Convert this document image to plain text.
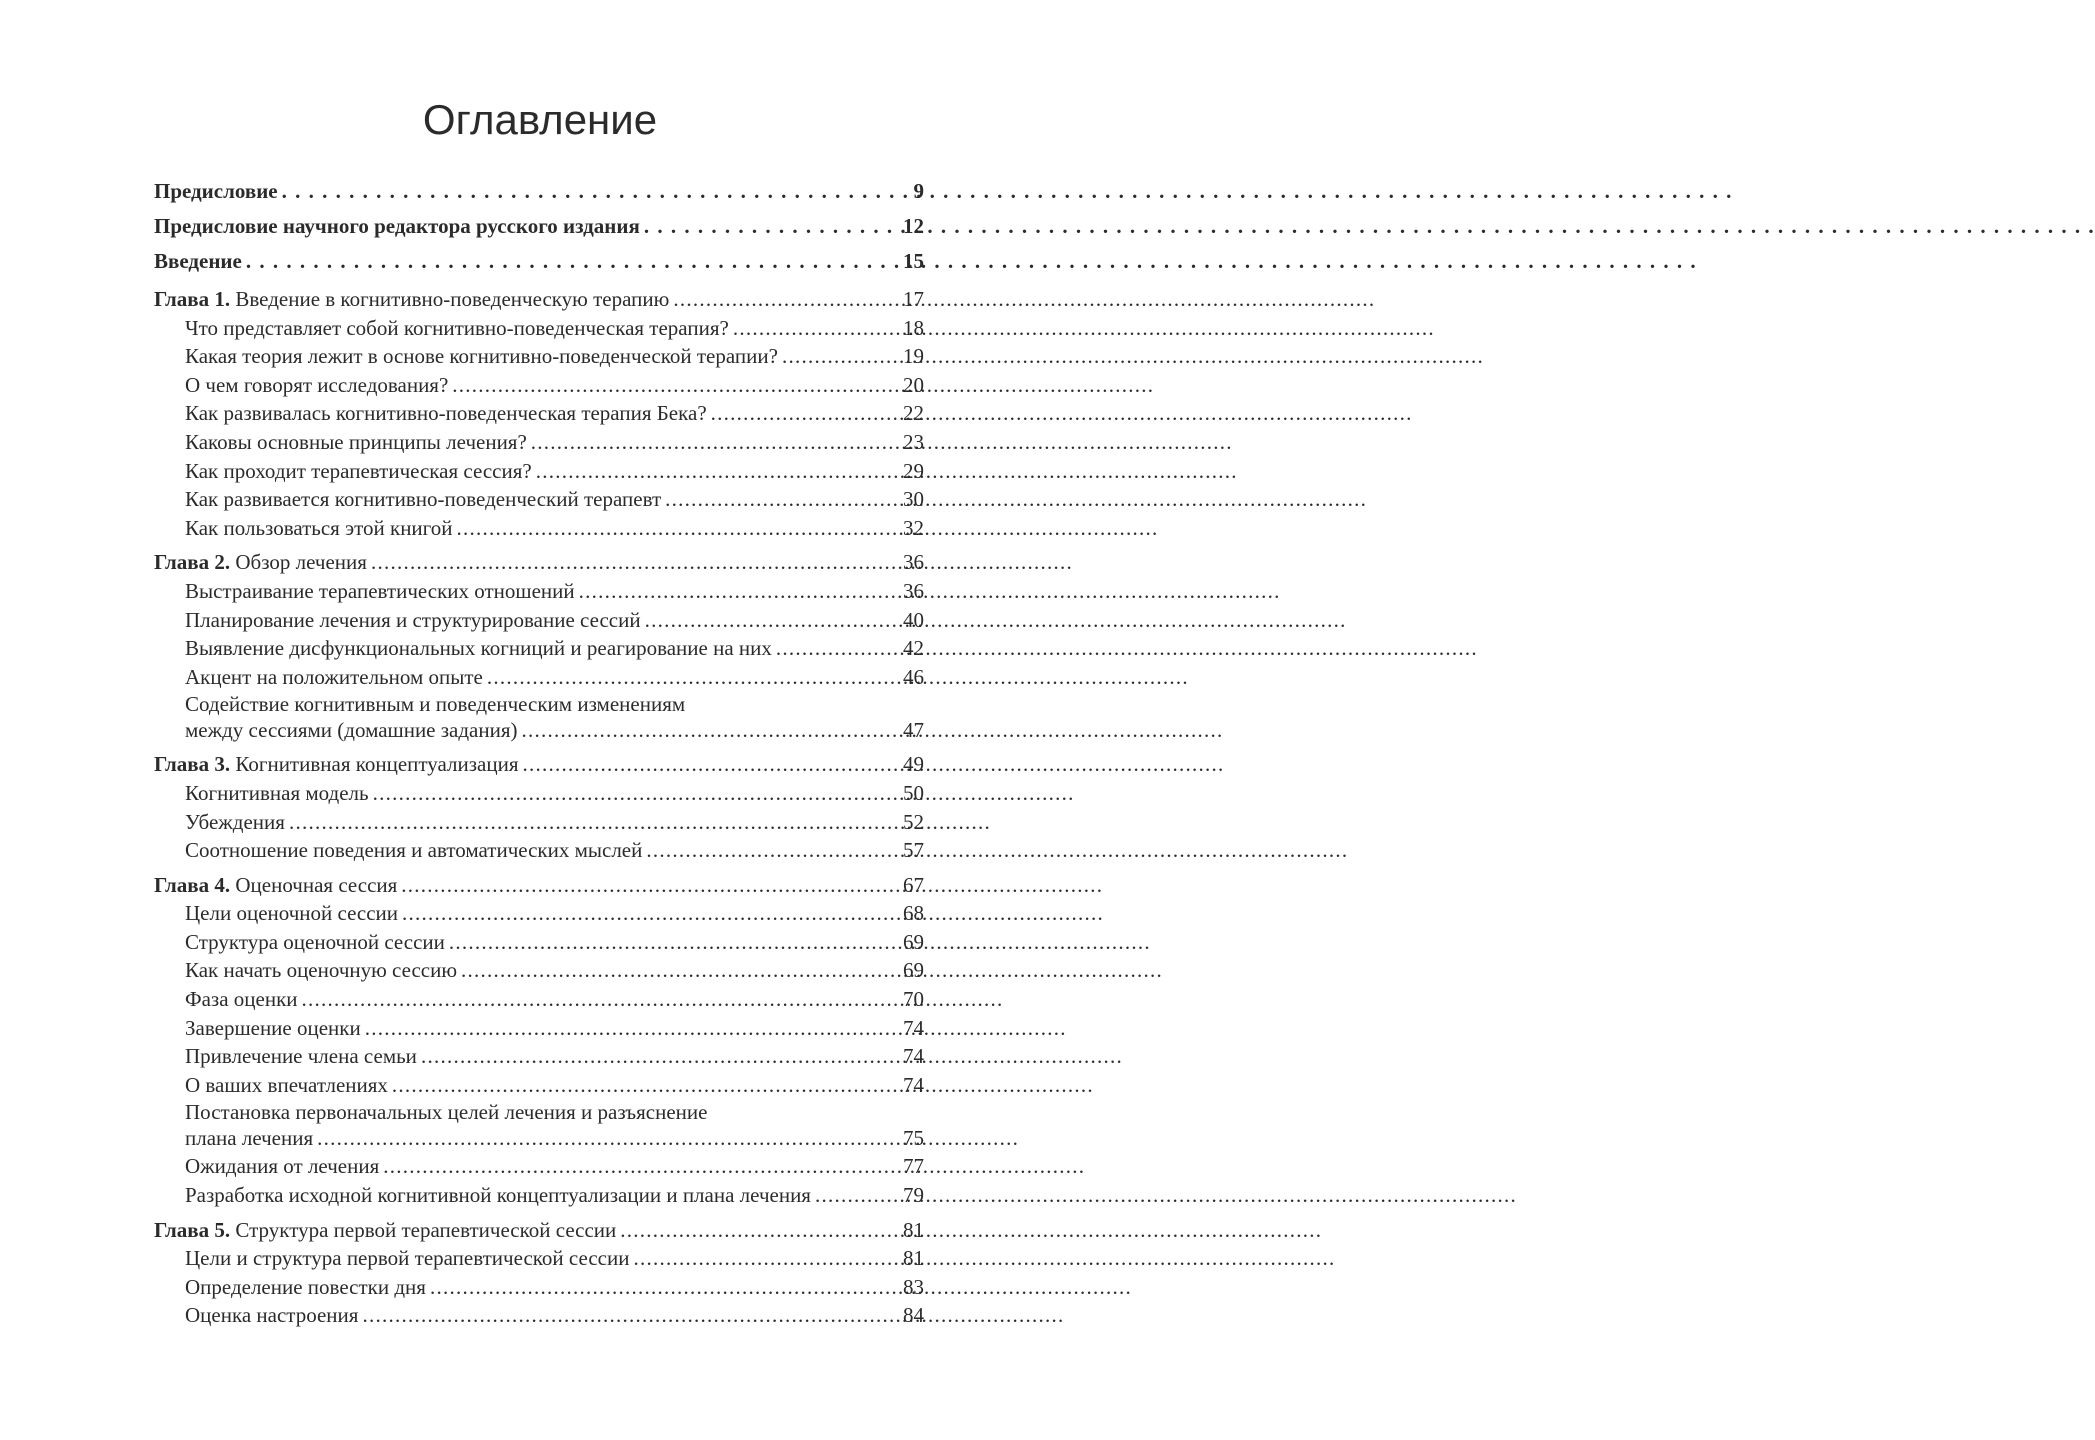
Оглавление
Предисловие . . .	9
Предисловие научного редактора русского издания . . .	12
Введение . . .	15
Глава 1. Введение в когнитивно-поведенческую терапию . . .	17
Что представляет собой когнитивно-поведенческая терапия? . . .	18
Какая теория лежит в основе когнитивно-поведенческой терапии? . . .	19
О чем говорят исследования? . . .	20
Как развивалась когнитивно-поведенческая терапия Бека? . . .	22
Каковы основные принципы лечения? . . .	23
Как проходит терапевтическая сессия? . . .	29
Как развивается когнитивно-поведенческий терапевт . . .	30
Как пользоваться этой книгой . . .	32
Глава 2. Обзор лечения . . .	36
Выстраивание терапевтических отношений . . .	36
Планирование лечения и структурирование сессий . . .	40
Выявление дисфункциональных когниций и реагирование на них . . .	42
Акцент на положительном опыте . . .	46
Содействие когнитивным и поведенческим изменениям
между сессиями (домашние задания) . . .	47
Глава 3. Когнитивная концептуализация . . .	49
Когнитивная модель . . .	50
Убеждения . . .	52
Соотношение поведения и автоматических мыслей . . .	57
Глава 4. Оценочная сессия . . .	67
Цели оценочной сессии . . .	68
Структура оценочной сессии . . .	69
Как начать оценочную сессию . . .	69
Фаза оценки . . .	70
Завершение оценки . . .	74
Привлечение члена семьи . . .	74
О ваших впечатлениях . . .	74
Постановка первоначальных целей лечения и разъяснение
плана лечения . . .	75
Ожидания от лечения . . .	77
Разработка исходной когнитивной концептуализации и плана лечения . . .	79
Глава 5. Структура первой терапевтической сессии . . .	81
Цели и структура первой терапевтической сессии . . .	81
Определение повестки дня . . .	83
Оценка настроения . . .	84
